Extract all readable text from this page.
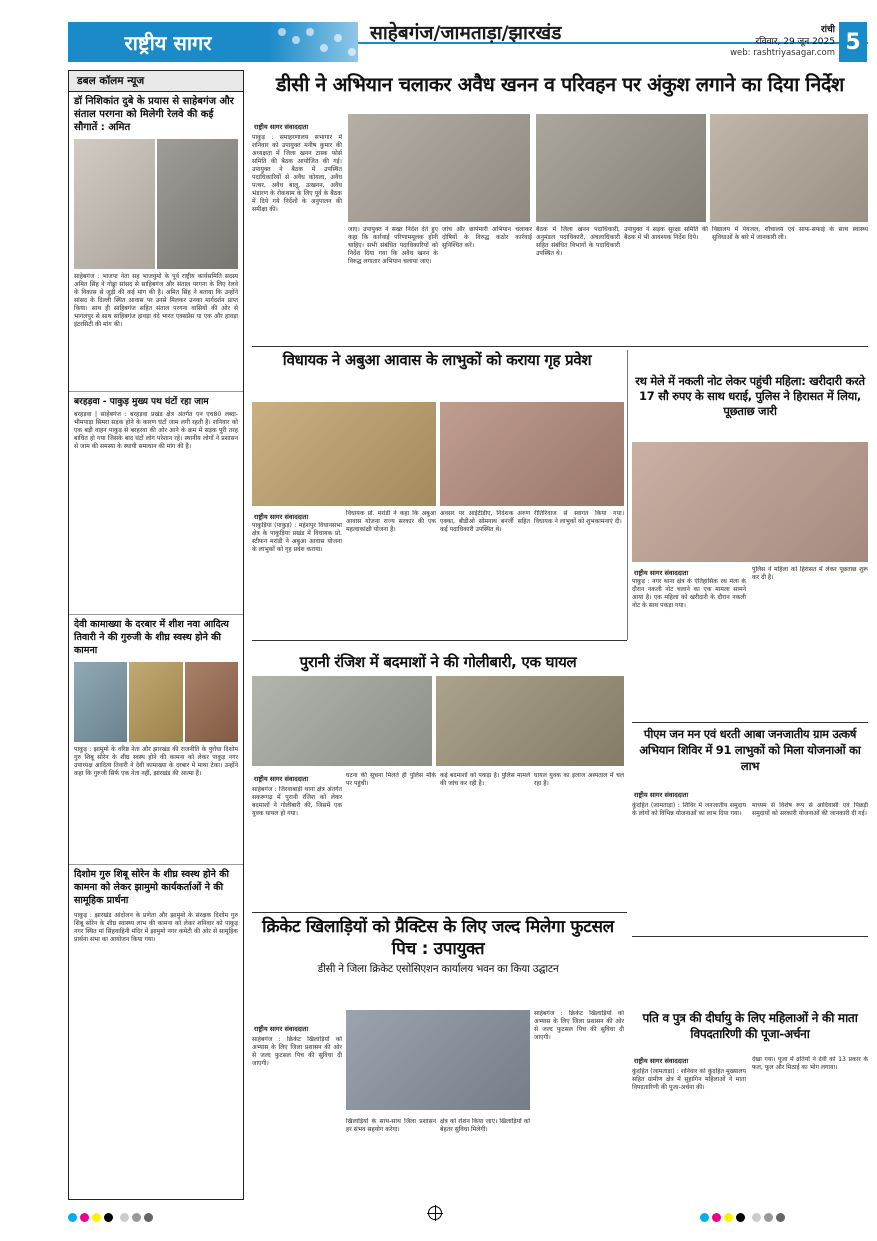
राष्ट्रीय सागर	साहेबगंज/जामताड़ा/झारखंड	रांची
रविवार, 29 जून 2025
web: rashtriyasagar.com 5
डबल कॉलम न्यूज
डॉ निशिकांत दुबे के प्रयास से साहेबगंज और संताल परगना को मिलेगी रेलवे की कई सौगातें : अमित
साहेबगंज : भाजपा नेता सह भाजयुमो के पूर्व राष्ट्रीय कार्यसमिति सदस्य अमित सिंह ने गोड्डा सांसद से साहिबगंज और संताल परगना के लिए रेलवे के विकास से जुड़ी की कई मांग की है। अमित सिंह ने बताया कि उन्होंने सांसद के दिल्ली स्थित आवास पर उनसे मिलकर उनका मार्गदर्शन प्राप्त किया। साथ ही साहिबगंज सहित संताल परगना वासियों की ओर से भागलपुर से साथ साहिबगंज हावड़ा वंदे भारत एक्सप्रेस या एक और हावड़ा इंटरसिटी की मांग की।
बरहड़वा - पाकुड़ मुख्य पथ घंटों रहा जाम
बरहड़वा | साहेबगंज : बरहड़वा प्रखंड क्षेत्र अंतर्गत एन एच80 लब्दा-भीमपाड़ा सिमरा सड़क होने के कारण घंटों जाम लगी रहती है। शनिवार को एक बड़ी वाहन पाकुड़ से बरहरवा की ओर आने के क्रम में सड़क पूरी तरह बाधित हो गया जिसके बाद घंटों लोग परेशान रहे। स्थानीय लोगों ने प्रशासन से जाम की समस्या के स्थायी समाधान की मांग की है।
देवी कामाख्या के दरबार में शीश नवा आदित्य तिवारी ने की गुरुजी के शीघ्र स्वस्थ होने की कामना
पाकुड़ : झामुमो के वरिष्ठ नेता और झारखंड की राजनीति के पुरोधा दिशोम गुरु शिबू सोरेन के शीघ्र स्वस्थ होने की कामना को लेकर पाकुड़ नगर उपाध्यक्ष आदित्य तिवारी ने देवी कामाख्या के दरबार में माथा टेका। उन्होंने कहा कि गुरुजी सिर्फ एक नेता नहीं, झारखंड की आत्मा हैं।
दिशोम गुरु शिबू सोरेन के शीघ्र स्वस्थ होने की कामना को लेकर झामुमो कार्यकर्ताओं ने की सामूहिक प्रार्थना
पाकुड़ : झारखंड आंदोलन के प्रणेता और झामुमो के संरक्षक दिशोम गुरु शिबू सोरेन के शीघ्र स्वास्थ्य लाभ की कामना को लेकर शनिवार को पाकुड़ नगर स्थित मां सिंहवाहिनी मंदिर में झामुमो नगर कमेटी की ओर से सामूहिक प्रार्थना सभा का आयोजन किया गया।
डीसी ने अभियान चलाकर अवैध खनन व परिवहन पर अंकुश लगाने का दिया निर्देश
राष्ट्रीय सागर संवाददाता
पाकुड़ : समाहरणालय सभागार में शनिवार को उपायुक्त मनीष कुमार की अध्यक्षता में जिला खनन टास्क फोर्स समिति की बैठक आयोजित की गई। उपायुक्त ने बैठक में उपस्थित पदाधिकारियों से अवैध कोयला, अवैध पत्थर, अवैध बालू, उत्खनन, अवैध भंडारण के रोकथाम के लिए पूर्व के बैठक में दिये गये निर्देशों के अनुपालन की समीक्षा की।
जाए। उपायुक्त ने सख्त निर्देश देते हुए कहा कि कार्रवाई परिणाममूलक होनी चाहिए। सभी संबंधित पदाधिकारियों को निर्देश दिया गया कि अवैध खनन के विरुद्ध लगातार अभियान चलाया जाए।
जांच और छापेमारी अभियान चलाकर दोषियों के विरुद्ध कठोर कार्रवाई सुनिश्चित करें।
बैठक में जिला खनन पदाधिकारी, अनुमंडल पदाधिकारी, अंचलाधिकारी सहित संबंधित विभागों के पदाधिकारी उपस्थित थे।
उपायुक्त ने सड़क सुरक्षा समिति की बैठक में भी आवश्यक निर्देश दिये।
विद्यालय में पेयजल, शौचालय एवं साफ-सफाई के साथ स्वास्थ्य सुविधाओं के बारे में जानकारी ली।
विधायक ने अबुआ आवास के लाभुकों को कराया गृह प्रवेश
राष्ट्रीय सागर संवाददाता
पाकुड़िया (पाकुड़) : महेशपुर विधानसभा क्षेत्र के पाकुड़िया प्रखंड में विधायक प्रो. स्टीफन मरांडी ने अबुआ आवास योजना के लाभुकों को गृह प्रवेश कराया।
विधायक प्रो. मरांडी ने कहा कि अबुआ आवास योजना राज्य सरकार की एक महत्वाकांक्षी योजना है।
अवसर पर आईटीडीए, निदेशक अरुण एक्का, बीडीओ सोमनाथ बनर्जी सहित कई पदाधिकारी उपस्थित थे।
रीतिरिवाज से स्वागत किया गया। विधायक ने लाभुकों को शुभकामनाएं दी।
रथ मेले में नकली नोट लेकर पहुंची महिला: खरीदारी करते 17 सौ रुपए के साथ धराई, पुलिस ने हिरासत में लिया, पूछताछ जारी
राष्ट्रीय सागर संवाददाता
पाकुड़ : नगर थाना क्षेत्र के ऐतिहासिक रथ मेला के दौरान नकली नोट चलाने का एक मामला सामने आया है। एक महिला को खरीदारी के दौरान नकली नोट के साथ पकड़ा गया।
पुलिस ने महिला को हिरासत में लेकर पूछताछ शुरू कर दी है।
पुरानी रंजिश में बदमाशों ने की गोलीबारी, एक घायल
राष्ट्रीय सागर संवाददाता
साहेबगंज : जिरवाबाड़ी थाना क्षेत्र अंतर्गत सकरूगढ़ में पुरानी रंजिश को लेकर बदमाशों ने गोलीबारी की, जिसमें एक युवक घायल हो गया।
घटना की सूचना मिलते ही पुलिस मौके पर पहुंची।
कई बदमाशों को पकड़ा है। पुलिस मामले की जांच कर रही है।
घायल युवक का इलाज अस्पताल में चल रहा है।
पीएम जन मन एवं धरती आबा जनजातीय ग्राम उत्कर्ष अभियान शिविर में 91 लाभुकों को मिला योजनाओं का लाभ
राष्ट्रीय सागर संवाददाता
कुंदहित (जामताड़ा) : शिविर में जनजातीय समुदाय के लोगों को विभिन्न योजनाओं का लाभ दिया गया।
माध्यम से विशेष रूप से आदिवासी एवं पिछड़ी समुदायों को सरकारी योजनाओं की जानकारी दी गई।
क्रिकेट खिलाड़ियों को प्रैक्टिस के लिए जल्द मिलेगा फुटसल पिच : उपायुक्त
डीसी ने जिला क्रिकेट एसोसिएशन कार्यालय भवन का किया उद्घाटन
राष्ट्रीय सागर संवाददाता
साहेबगंज : क्रिकेट खिलाड़ियों को अभ्यास के लिए जिला प्रशासन की ओर से जल्द फुटसल पिच की सुविधा दी जाएगी।
खिलाड़ियों के साथ-साथ जिला प्रशासन हर संभव सहयोग करेगा।
क्षेत्र को रोशन किया जाए। खिलाड़ियों को बेहतर सुविधा मिलेगी।
साहेबगंज : क्रिकेट खिलाड़ियों को अभ्यास के लिए जिला प्रशासन की ओर से जल्द फुटसल पिच की सुविधा दी जाएगी।
पति व पुत्र की दीर्घायु के लिए महिलाओं ने की माता विपदतारिणी की पूजा-अर्चना
राष्ट्रीय सागर संवाददाता
कुंदहित (जामताड़ा) : शनिवार को कुंदहित मुख्यालय सहित ग्रामीण क्षेत्र में सुहागिन महिलाओं ने माता विपदतारिणी की पूजा-अर्चना की।
देखा गया। पूजा में व्रतियों ने देवी को 13 प्रकार के फल, फूल और मिठाई का भोग लगाया।
